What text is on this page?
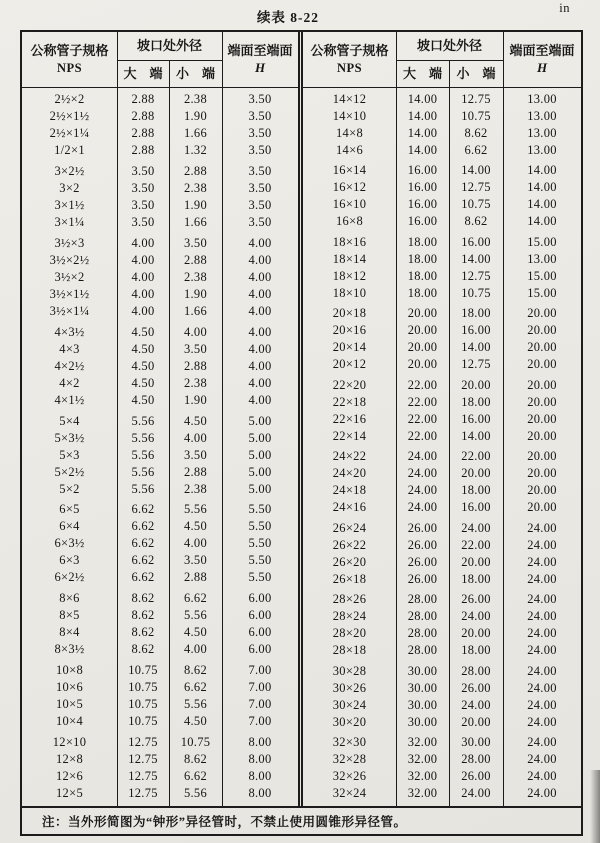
续表 8-22
in
公称管子规格
NPS
坡口处外径
大　端	小　端
端面至端面
H
2½×2	2.88	2.38	3.50
2½×1½	2.88	1.90	3.50
2½×1¼	2.88	1.66	3.50
1/2×1	2.88	1.32	3.50
3×2½	3.50	2.88	3.50
3×2	3.50	2.38	3.50
3×1½	3.50	1.90	3.50
3×1¼	3.50	1.66	3.50
3½×3	4.00	3.50	4.00
3½×2½	4.00	2.88	4.00
3½×2	4.00	2.38	4.00
3½×1½	4.00	1.90	4.00
3½×1¼	4.00	1.66	4.00
4×3½	4.50	4.00	4.00
4×3	4.50	3.50	4.00
4×2½	4.50	2.88	4.00
4×2	4.50	2.38	4.00
4×1½	4.50	1.90	4.00
5×4	5.56	4.50	5.00
5×3½	5.56	4.00	5.00
5×3	5.56	3.50	5.00
5×2½	5.56	2.88	5.00
5×2	5.56	2.38	5.00
6×5	6.62	5.56	5.50
6×4	6.62	4.50	5.50
6×3½	6.62	4.00	5.50
6×3	6.62	3.50	5.50
6×2½	6.62	2.88	5.50
8×6	8.62	6.62	6.00
8×5	8.62	5.56	6.00
8×4	8.62	4.50	6.00
8×3½	8.62	4.00	6.00
10×8	10.75	8.62	7.00
10×6	10.75	6.62	7.00
10×5	10.75	5.56	7.00
10×4	10.75	4.50	7.00
12×10	12.75	10.75	8.00
12×8	12.75	8.62	8.00
12×6	12.75	6.62	8.00
12×5	12.75	5.56	8.00
公称管子规格
NPS
坡口处外径
大　端	小　端
端面至端面
H
14×12	14.00	12.75	13.00
14×10	14.00	10.75	13.00
14×8	14.00	8.62	13.00
14×6	14.00	6.62	13.00
16×14	16.00	14.00	14.00
16×12	16.00	12.75	14.00
16×10	16.00	10.75	14.00
16×8	16.00	8.62	14.00
18×16	18.00	16.00	15.00
18×14	18.00	14.00	13.00
18×12	18.00	12.75	15.00
18×10	18.00	10.75	15.00
20×18	20.00	18.00	20.00
20×16	20.00	16.00	20.00
20×14	20.00	14.00	20.00
20×12	20.00	12.75	20.00
22×20	22.00	20.00	20.00
22×18	22.00	18.00	20.00
22×16	22.00	16.00	20.00
22×14	22.00	14.00	20.00
24×22	24.00	22.00	20.00
24×20	24.00	20.00	20.00
24×18	24.00	18.00	20.00
24×16	24.00	16.00	20.00
26×24	26.00	24.00	24.00
26×22	26.00	22.00	24.00
26×20	26.00	20.00	24.00
26×18	26.00	18.00	24.00
28×26	28.00	26.00	24.00
28×24	28.00	24.00	24.00
28×20	28.00	20.00	24.00
28×18	28.00	18.00	24.00
30×28	30.00	28.00	24.00
30×26	30.00	26.00	24.00
30×24	30.00	24.00	24.00
30×20	30.00	20.00	24.00
32×30	32.00	30.00	24.00
32×28	32.00	28.00	24.00
32×26	32.00	26.00	24.00
32×24	32.00	24.00	24.00
注：当外形简图为“钟形”异径管时，不禁止使用圆锥形异径管。
